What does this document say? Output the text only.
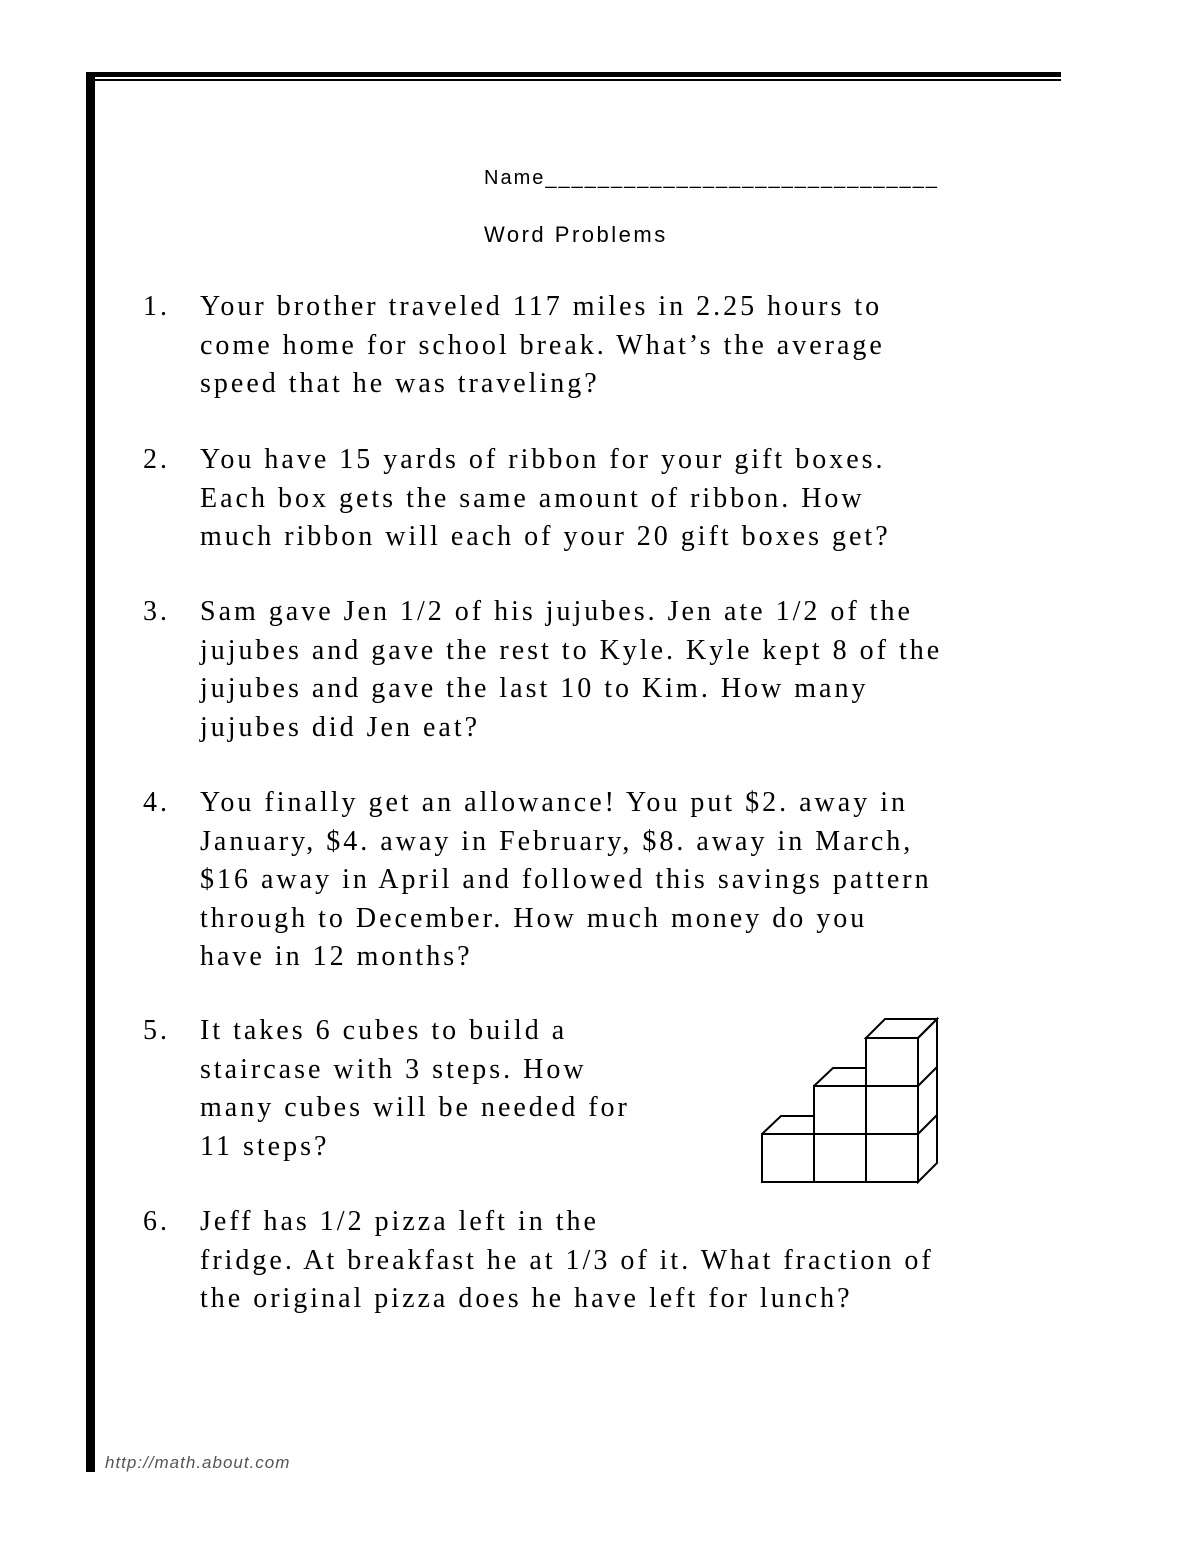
Name______________________________
Word Problems
1.	Your brother traveled 117 miles in 2.25 hours to
come home for school break. What’s the average
speed that he was traveling?
2.	You have 15 yards of ribbon for your gift boxes.
Each box gets the same amount of ribbon. How
much ribbon will each of your 20 gift boxes get?
3.	Sam gave Jen 1/2 of his jujubes. Jen ate 1/2 of the
jujubes and gave the rest to Kyle. Kyle kept 8 of the
jujubes and gave the last 10 to Kim. How many
jujubes did Jen eat?
4.	You finally get an allowance! You put $2. away in
January, $4. away in February, $8. away in March,
$16 away in April and followed this savings pattern
through to December. How much money do you
have in 12 months?
5.	It takes 6 cubes to build a
staircase with 3 steps. How
many cubes will be needed for
11 steps?
6.	Jeff has 1/2 pizza left in the
fridge. At breakfast he at 1/3 of it. What fraction of
the original pizza does he have left for lunch?
http://math.about.com
